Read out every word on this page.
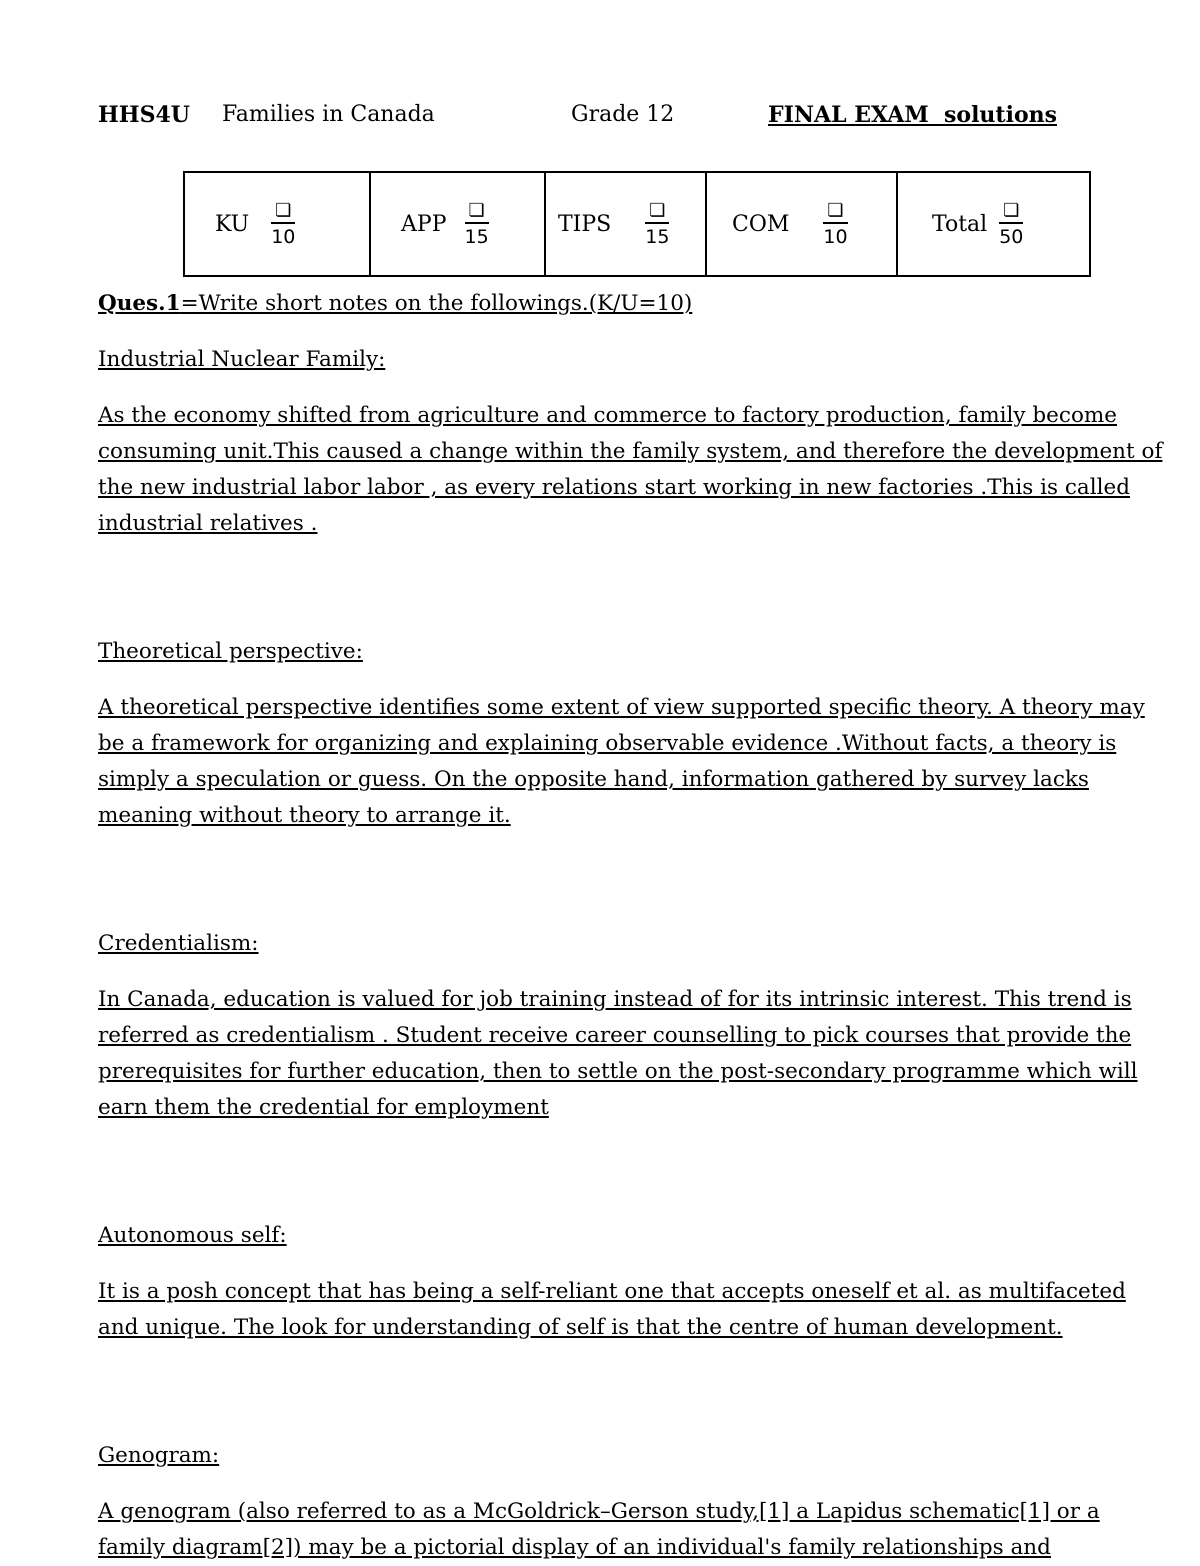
HHS4U Families in Canada	Grade 12	FINAL EXAM  solutions
KU $\frac{❏}{10}$	APP $\frac{❏}{15}$	TIPS $\frac{❏}{15}$	COM $\frac{❏}{10}$	Total $\frac{❏}{50}$

Ques.1=Write short notes on the followings.(K/U=10)

Industrial Nuclear Family:

As the economy shifted from agriculture and commerce to factory production, family become consuming unit.This caused a change within the family system, and therefore the development of the new industrial labor labor , as every relations start working in new factories .This is called industrial relatives .

Theoretical perspective:

A theoretical perspective identifies some extent of view supported specific theory. A theory may be a framework for organizing and explaining observable evidence .Without facts, a theory is simply a speculation or guess. On the opposite hand, information gathered by survey lacks meaning without theory to arrange it.

Credentialism:

In Canada, education is valued for job training instead of for its intrinsic interest. This trend is referred as credentialism . Student receive career counselling to pick courses that provide the prerequisites for further education, then to settle on the post-secondary programme which will earn them the credential for employment

Autonomous self:

It is a posh concept that has being a self-reliant one that accepts oneself et al. as multifaceted and unique. The look for understanding of self is that the centre of human development.

Genogram:

A genogram (also referred to as a McGoldrick–Gerson study,[1] a Lapidus schematic[1] or a family diagram[2]) may be a pictorial display of an individual's family relationships and
